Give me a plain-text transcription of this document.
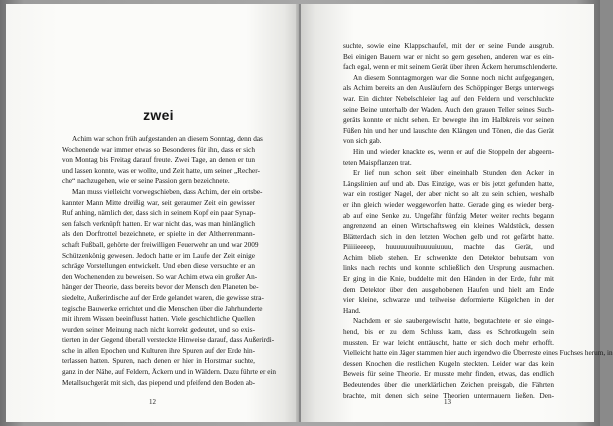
zwei
Achim war schon früh aufgestanden an diesem Sonntag, denn das
Wochenende war immer etwas so Besonderes für ihn, dass er sich
von Montag bis Freitag darauf freute. Zwei Tage, an denen er tun
und lassen konnte, was er wollte, und Zeit hatte, um seiner „Recher-
che“ nachzugehen, wie er seine Passion gern bezeichnete.
Man muss vielleicht vorwegschieben, dass Achim, der ein ortsbe-
kannter Mann Mitte dreißig war, seit geraumer Zeit ein gewisser
Ruf anhing, nämlich der, dass sich in seinem Kopf ein paar Synap-
sen falsch verknüpft hatten. Er war nicht das, was man hinlänglich
als den Dorftrottel bezeichnete, er spielte in der Altherrenmann-
schaft Fußball, gehörte der freiwilligen Feuerwehr an und war 2009
Schützenkönig gewesen. Jedoch hatte er im Laufe der Zeit einige
schräge Vorstellungen entwickelt. Und eben diese versuchte er an
den Wochenenden zu beweisen. So war Achim etwa ein großer An-
hänger der Theorie, dass bereits bevor der Mensch den Planeten be-
siedelte, Außerirdische auf der Erde gelandet waren, die gewisse stra-
tegische Bauwerke errichtet und die Menschen über die Jahrhunderte
mit ihrem Wissen beeinflusst hatten. Viele geschichtliche Quellen
wurden seiner Meinung nach nicht korrekt gedeutet, und so exis-
tierten in der Gegend überall versteckte Hinweise darauf, dass Außerirdi-
sche in allen Epochen und Kulturen ihre Spuren auf der Erde hin-
terlassen hatten. Spuren, nach denen er hier in Horstmar suchte,
ganz in der Nähe, auf Feldern, Äckern und in Wäldern. Dazu führte er ein
Metallsuchgerät mit sich, das piepend und pfeifend den Boden ab-
12
suchte, sowie eine Klappschaufel, mit der er seine Funde ausgrub.
Bei einigen Bauern war er nicht so gern gesehen, anderen war es ein-
fach egal, wenn er mit seinem Gerät über ihren Äckern herumschlenderte.
An diesem Sonntagmorgen war die Sonne noch nicht aufgegangen,
als Achim bereits an den Ausläufern des Schöppinger Bergs unterwegs
war. Ein dichter Nebelschleier lag auf den Feldern und verschluckte
seine Beine unterhalb der Waden. Auch den grauen Teller seines Such-
geräts konnte er nicht sehen. Er bewegte ihn im Halbkreis vor seinen
Füßen hin und her und lauschte den Klängen und Tönen, die das Gerät
von sich gab.
Hin und wieder knackte es, wenn er auf die Stoppeln der abgeern-
teten Maispflanzen trat.
Er lief nun schon seit über eineinhalb Stunden den Acker in
Längslinien auf und ab. Das Einzige, was er bis jetzt gefunden hatte,
war ein rostiger Nagel, der aber nicht so alt zu sein schien, weshalb
er ihn gleich wieder weggeworfen hatte. Gerade ging es wieder berg-
ab auf eine Senke zu. Ungefähr fünfzig Meter weiter rechts begann
angrenzend an einen Wirtschaftsweg ein kleines Waldstück, dessen
Blätterdach sich in den letzten Wochen gelb und rot gefärbt hatte.
Piiiiieeeep, huuuuuuuihuuuuiuuuu, machte das Gerät, und
Achim blieb stehen. Er schwenkte den Detektor behutsam von
links nach rechts und konnte schließlich den Ursprung ausmachen.
Er ging in die Knie, buddelte mit den Händen in der Erde, fuhr mit
dem Detektor über den ausgehobenen Haufen und hielt am Ende
vier kleine, schwarze und teilweise deformierte Kügelchen in der
Hand.
Nachdem er sie saubergewischt hatte, begutachtete er sie einge-
hend, bis er zu dem Schluss kam, dass es Schrotkugeln sein
mussten. Er war leicht enttäuscht, hatte er sich doch mehr erhofft.
Vielleicht hatte ein Jäger stammen hier auch irgendwo die Überreste eines Fuchses herum, in
dessen Knochen die restlichen Kugeln steckten. Leider war das kein
Beweis für seine Theorie. Er musste mehr finden, etwas, das endlich
Bedeutendes über die unerklärlichen Zeichen preisgab, die Fährten
brachte, mit denen sich seine Theorien untermauern ließen. Den-
13
